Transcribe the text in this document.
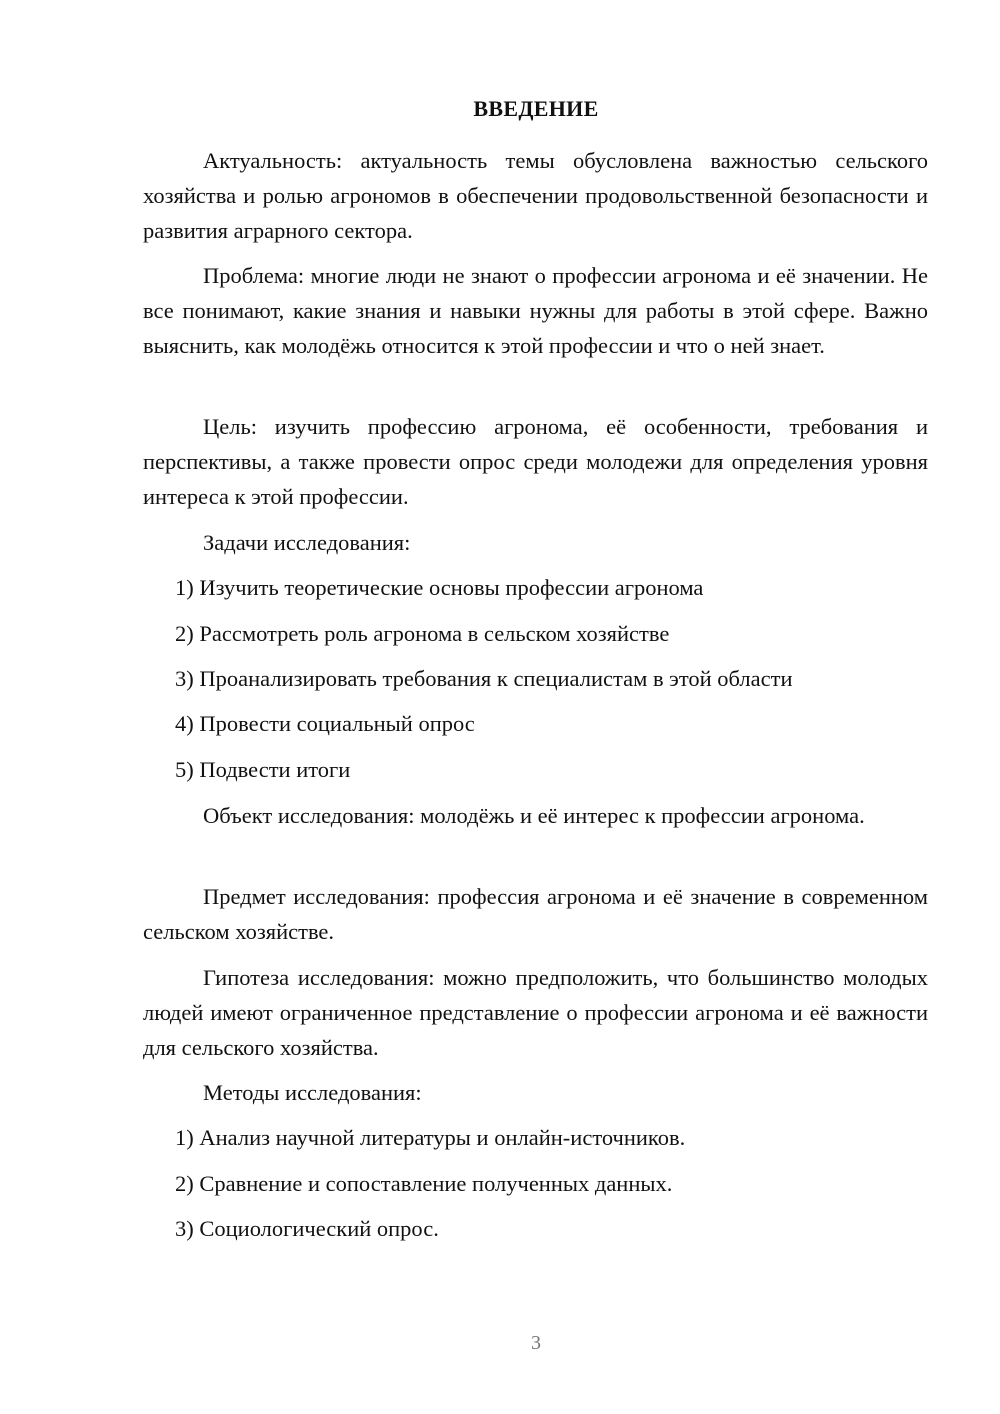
ВВЕДЕНИЕ

Актуальность: актуальность темы обусловлена важностью сельского хозяйства и ролью агрономов в обеспечении продовольственной безопасности и развития аграрного сектора.

Проблема: многие люди не знают о профессии агронома и её значении. Не все понимают, какие знания и навыки нужны для работы в этой сфере. Важно выяснить, как молодёжь относится к этой профессии и что о ней знает.

Цель: изучить профессию агронома, её особенности, требования и перспективы, а также провести опрос среди молодежи для определения уровня интереса к этой профессии.

Задачи исследования:

1) Изучить теоретические основы профессии агронома

2) Рассмотреть роль агронома в сельском хозяйстве

3) Проанализировать требования к специалистам в этой области

4) Провести социальный опрос

5) Подвести итоги

Объект исследования: молодёжь и её интерес к профессии агронома.

Предмет исследования: профессия агронома и её значение в современном сельском хозяйстве.

Гипотеза исследования: можно предположить, что большинство молодых людей имеют ограниченное представление о профессии агронома и её важности для сельского хозяйства.

Методы исследования:

1) Анализ научной литературы и онлайн-источников.

2) Сравнение и сопоставление полученных данных.

3) Социологический опрос.

3
